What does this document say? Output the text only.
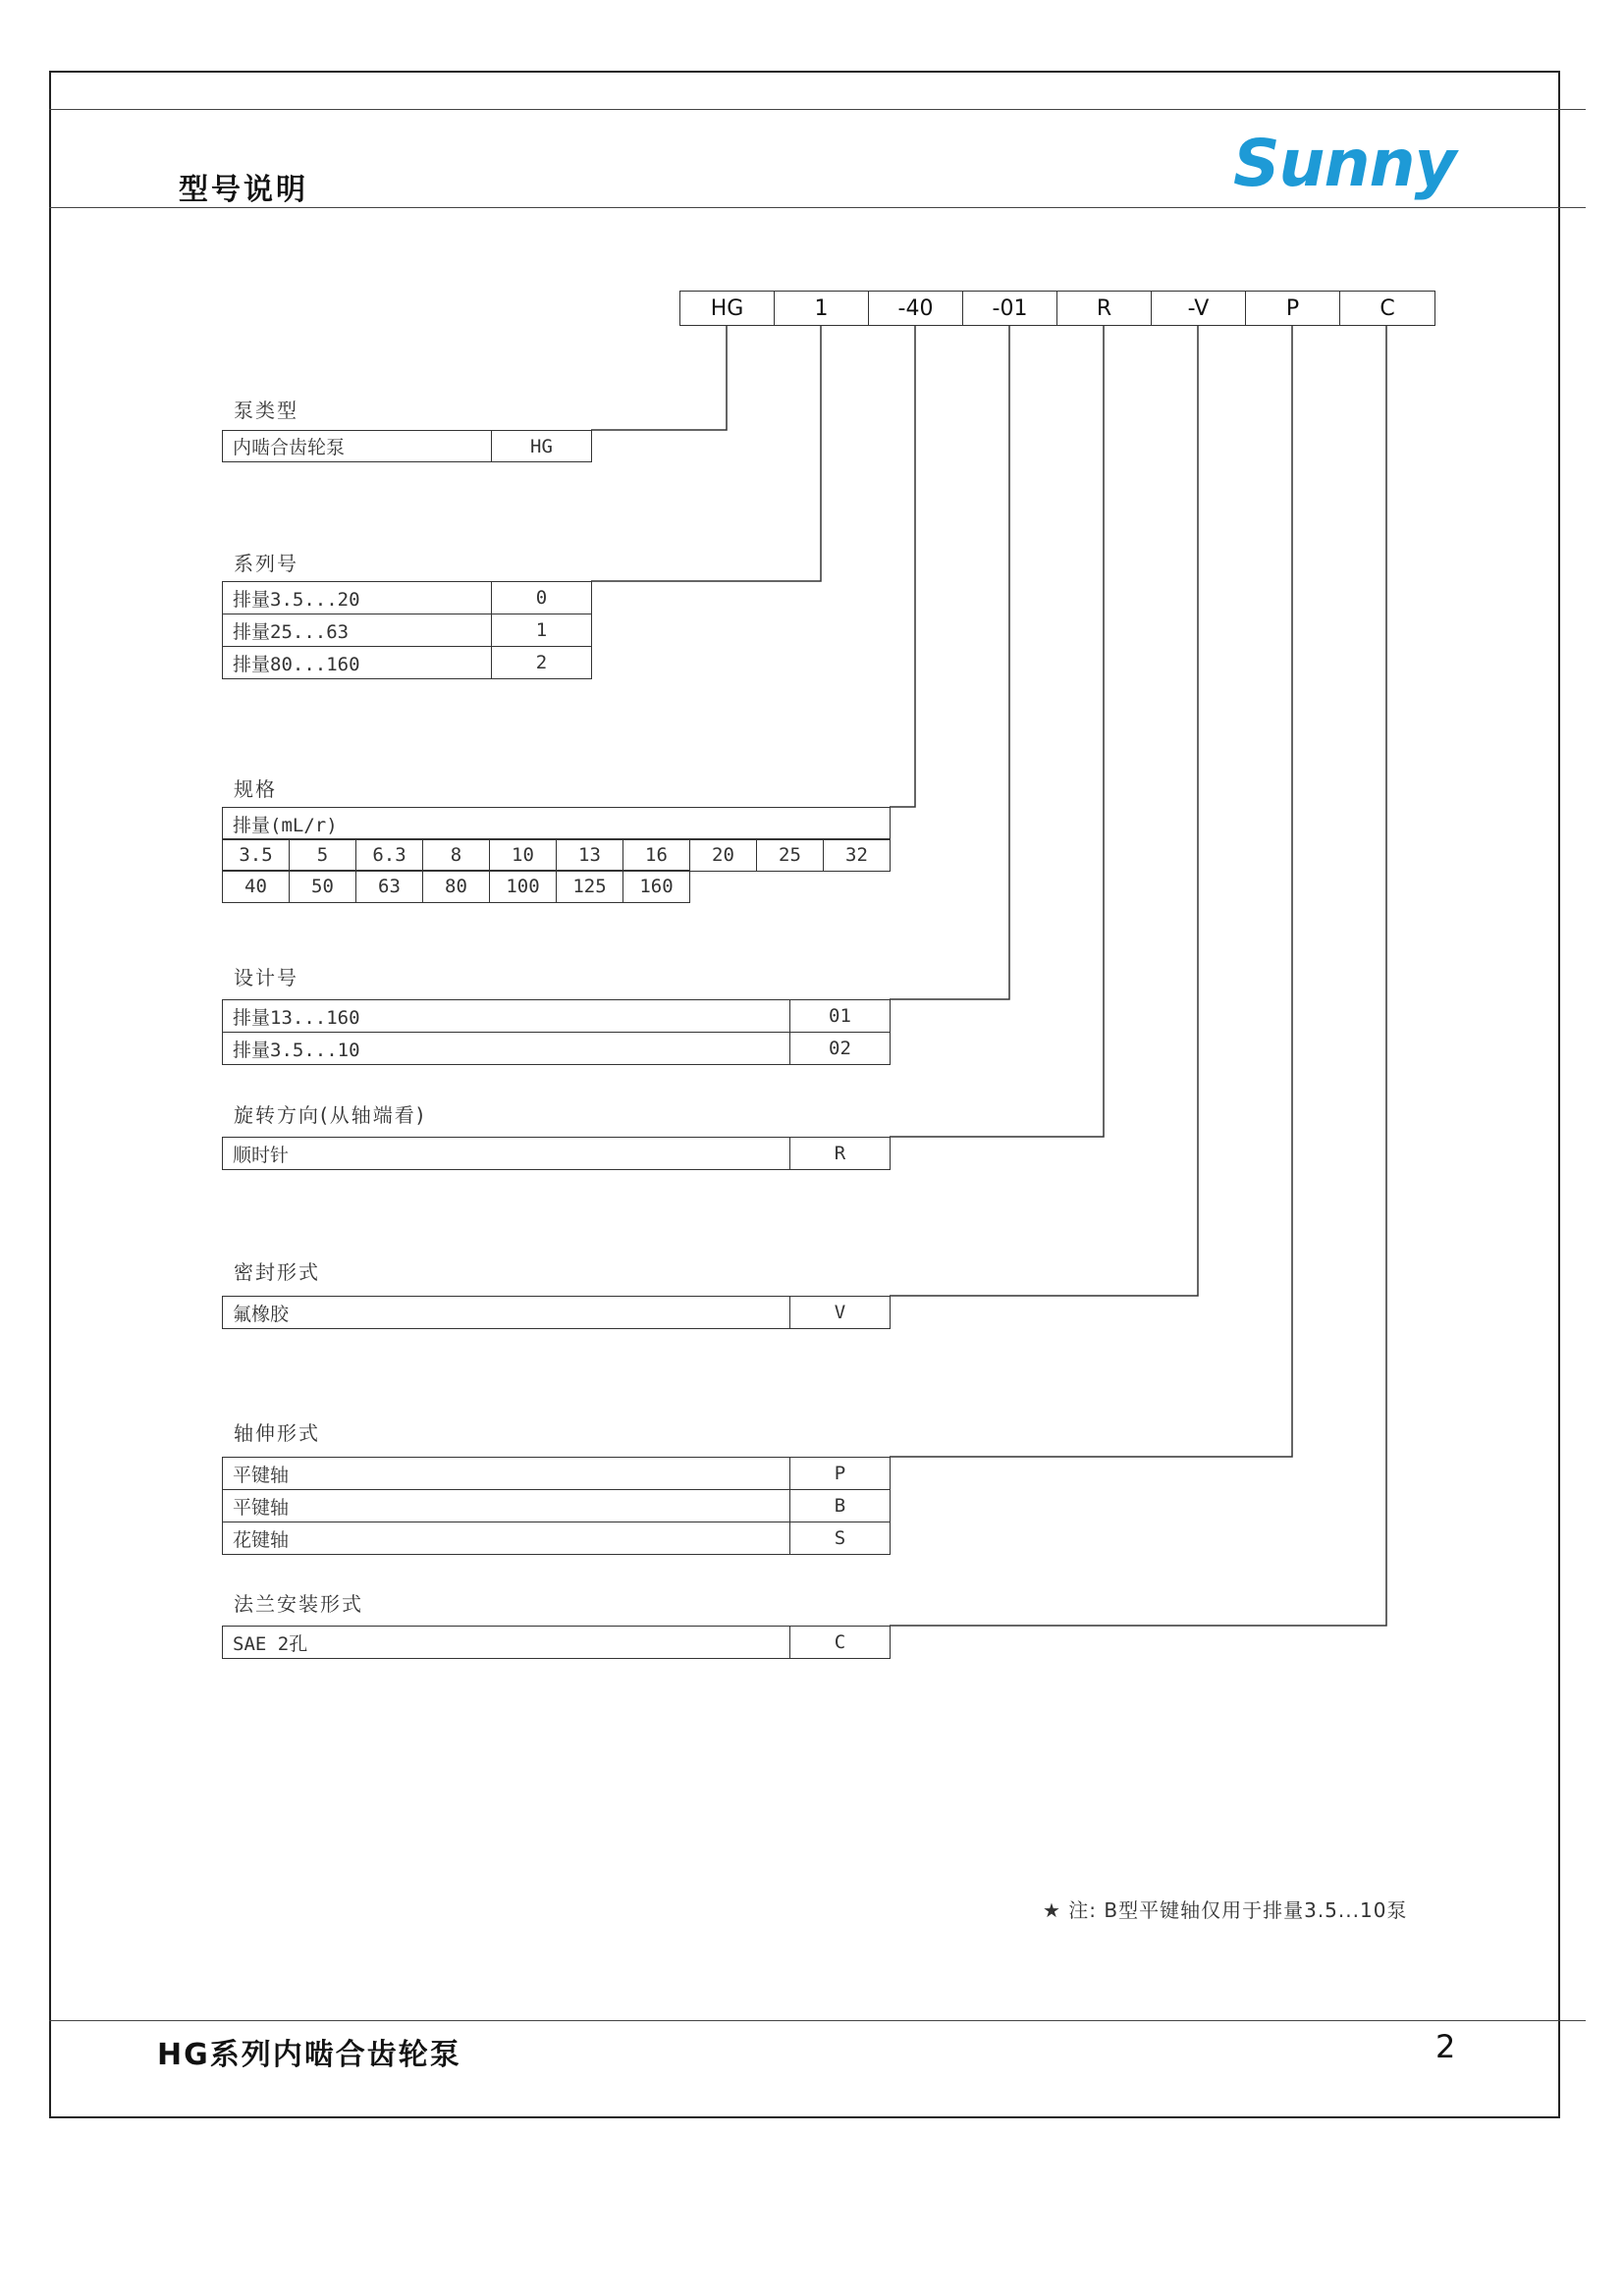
型号说明	Sunny
HG	1	-40	-01	R	-V	P	C
泵类型
内啮合齿轮泵	HG
系列号
排量3.5...20	0
排量25...63	1
排量80...160	2
规格
排量(mL/r)
3.5	5	6.3	8	10	13	16	20	25	32
40	50	63	80	100	125	160
设计号
排量13...160	01
排量3.5...10	02
旋转方向(从轴端看)
顺时针	R
密封形式
氟橡胶	V
轴伸形式
平键轴	P
平键轴	B
花键轴	S
法兰安装形式
SAE 2孔	C
★ 注: B型平键轴仅用于排量3.5...10泵
HG系列内啮合齿轮泵	2
